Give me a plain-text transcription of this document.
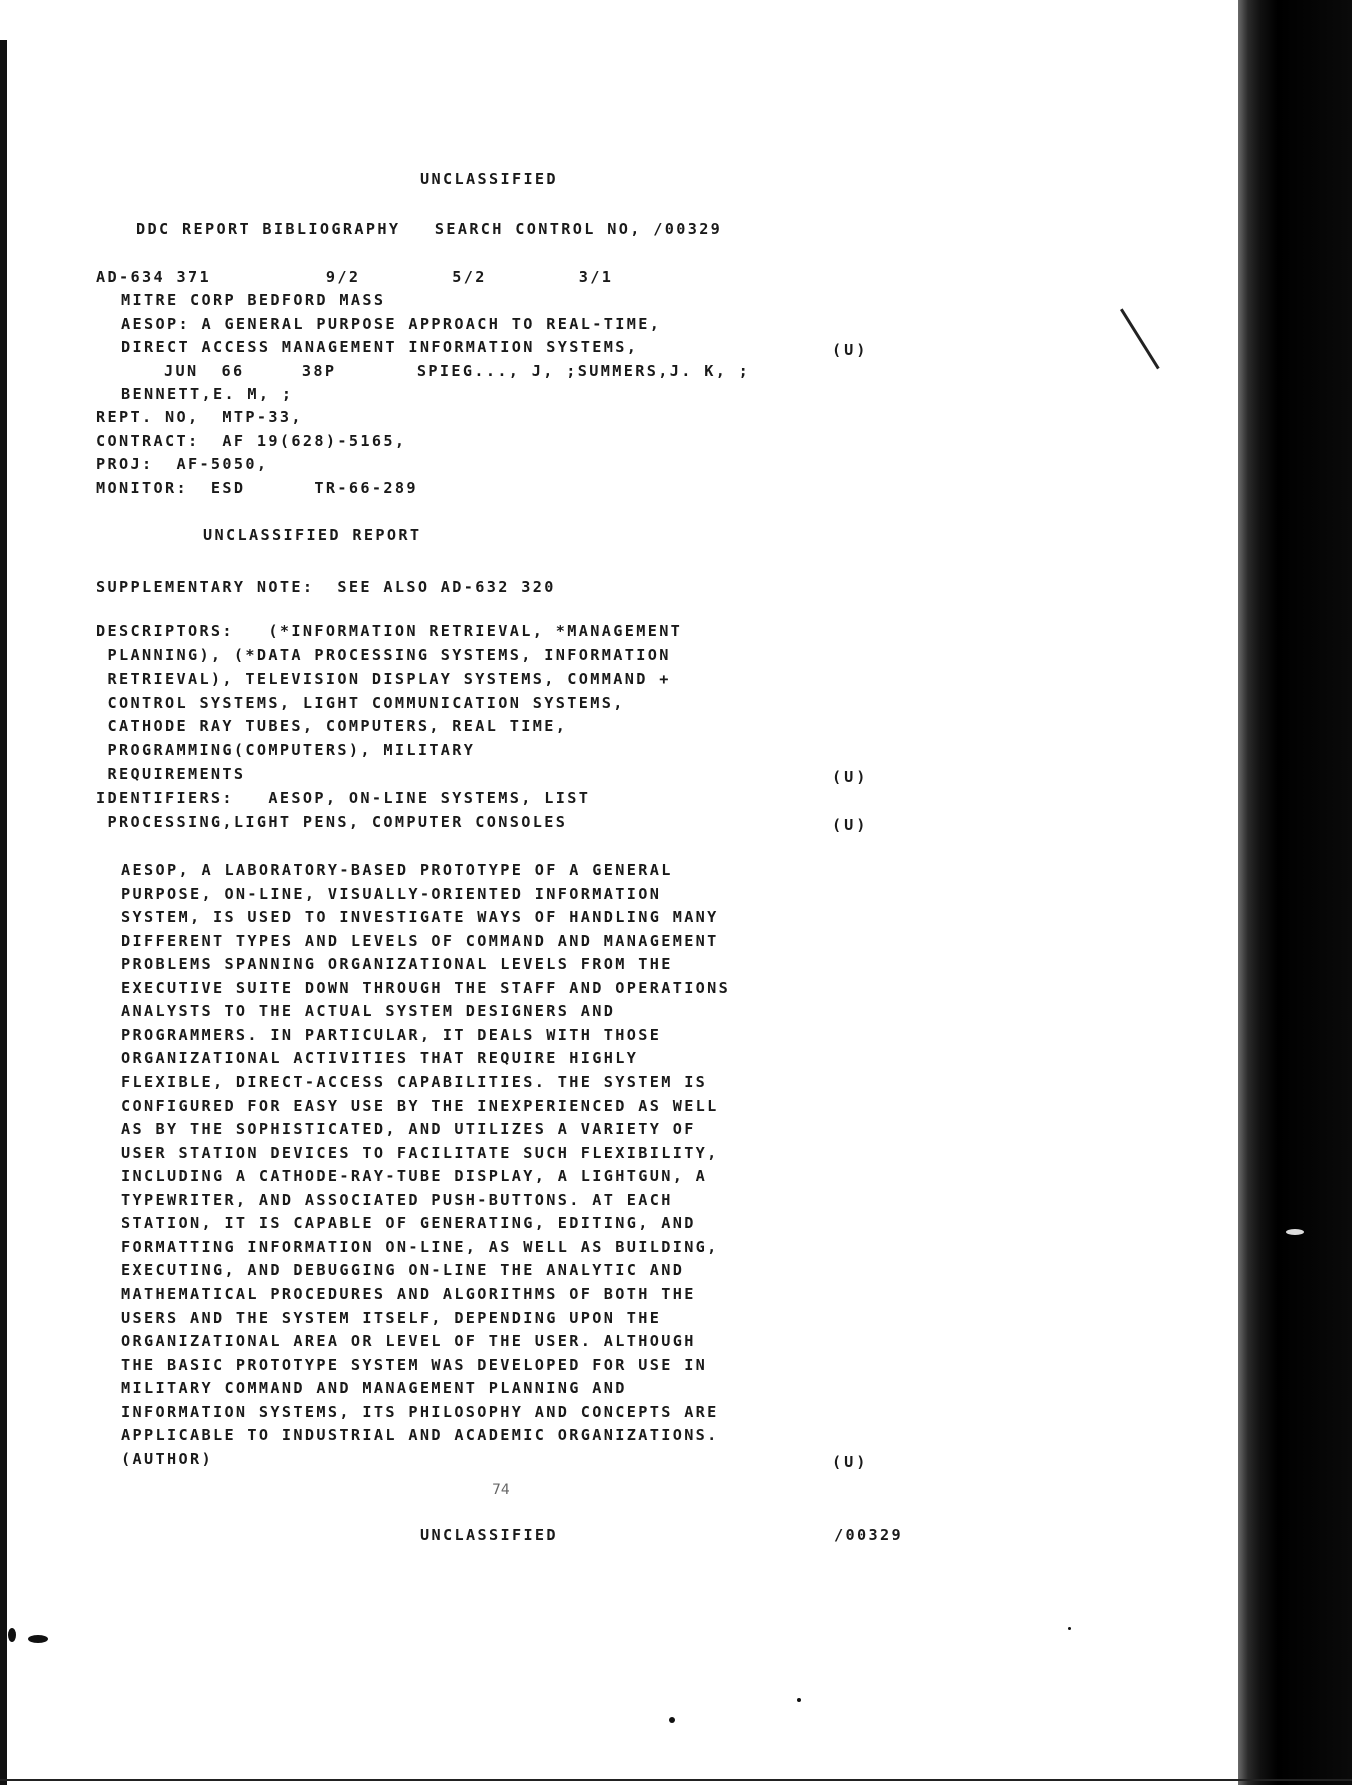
UNCLASSIFIED
DDC REPORT BIBLIOGRAPHY   SEARCH CONTROL NO, /00329
AD-634 371          9/2        5/2        3/1
MITRE CORP BEDFORD MASS
AESOP: A GENERAL PURPOSE APPROACH TO REAL-TIME,
DIRECT ACCESS MANAGEMENT INFORMATION SYSTEMS,	(U)
JUN  66     38P       SPIEG..., J, ;SUMMERS,J. K, ;
BENNETT,E. M, ;
REPT. NO,  MTP-33,
CONTRACT:  AF 19(628)-5165,
PROJ:  AF-5050,
MONITOR:  ESD      TR-66-289
UNCLASSIFIED REPORT
SUPPLEMENTARY NOTE:  SEE ALSO AD-632 320
DESCRIPTORS:   (*INFORMATION RETRIEVAL, *MANAGEMENT
PLANNING), (*DATA PROCESSING SYSTEMS, INFORMATION
RETRIEVAL), TELEVISION DISPLAY SYSTEMS, COMMAND +
CONTROL SYSTEMS, LIGHT COMMUNICATION SYSTEMS,
CATHODE RAY TUBES, COMPUTERS, REAL TIME,
PROGRAMMING(COMPUTERS), MILITARY
REQUIREMENTS	(U)
IDENTIFIERS:   AESOP, ON-LINE SYSTEMS, LIST
PROCESSING,LIGHT PENS, COMPUTER CONSOLES	(U)
AESOP, A LABORATORY-BASED PROTOTYPE OF A GENERAL
PURPOSE, ON-LINE, VISUALLY-ORIENTED INFORMATION
SYSTEM, IS USED TO INVESTIGATE WAYS OF HANDLING MANY
DIFFERENT TYPES AND LEVELS OF COMMAND AND MANAGEMENT
PROBLEMS SPANNING ORGANIZATIONAL LEVELS FROM THE
EXECUTIVE SUITE DOWN THROUGH THE STAFF AND OPERATIONS
ANALYSTS TO THE ACTUAL SYSTEM DESIGNERS AND
PROGRAMMERS. IN PARTICULAR, IT DEALS WITH THOSE
ORGANIZATIONAL ACTIVITIES THAT REQUIRE HIGHLY
FLEXIBLE, DIRECT-ACCESS CAPABILITIES. THE SYSTEM IS
CONFIGURED FOR EASY USE BY THE INEXPERIENCED AS WELL
AS BY THE SOPHISTICATED, AND UTILIZES A VARIETY OF
USER STATION DEVICES TO FACILITATE SUCH FLEXIBILITY,
INCLUDING A CATHODE-RAY-TUBE DISPLAY, A LIGHTGUN, A
TYPEWRITER, AND ASSOCIATED PUSH-BUTTONS. AT EACH
STATION, IT IS CAPABLE OF GENERATING, EDITING, AND
FORMATTING INFORMATION ON-LINE, AS WELL AS BUILDING,
EXECUTING, AND DEBUGGING ON-LINE THE ANALYTIC AND
MATHEMATICAL PROCEDURES AND ALGORITHMS OF BOTH THE
USERS AND THE SYSTEM ITSELF, DEPENDING UPON THE
ORGANIZATIONAL AREA OR LEVEL OF THE USER. ALTHOUGH
THE BASIC PROTOTYPE SYSTEM WAS DEVELOPED FOR USE IN
MILITARY COMMAND AND MANAGEMENT PLANNING AND
INFORMATION SYSTEMS, ITS PHILOSOPHY AND CONCEPTS ARE
APPLICABLE TO INDUSTRIAL AND ACADEMIC ORGANIZATIONS.
(AUTHOR)	(U)
74
UNCLASSIFIED	/00329
